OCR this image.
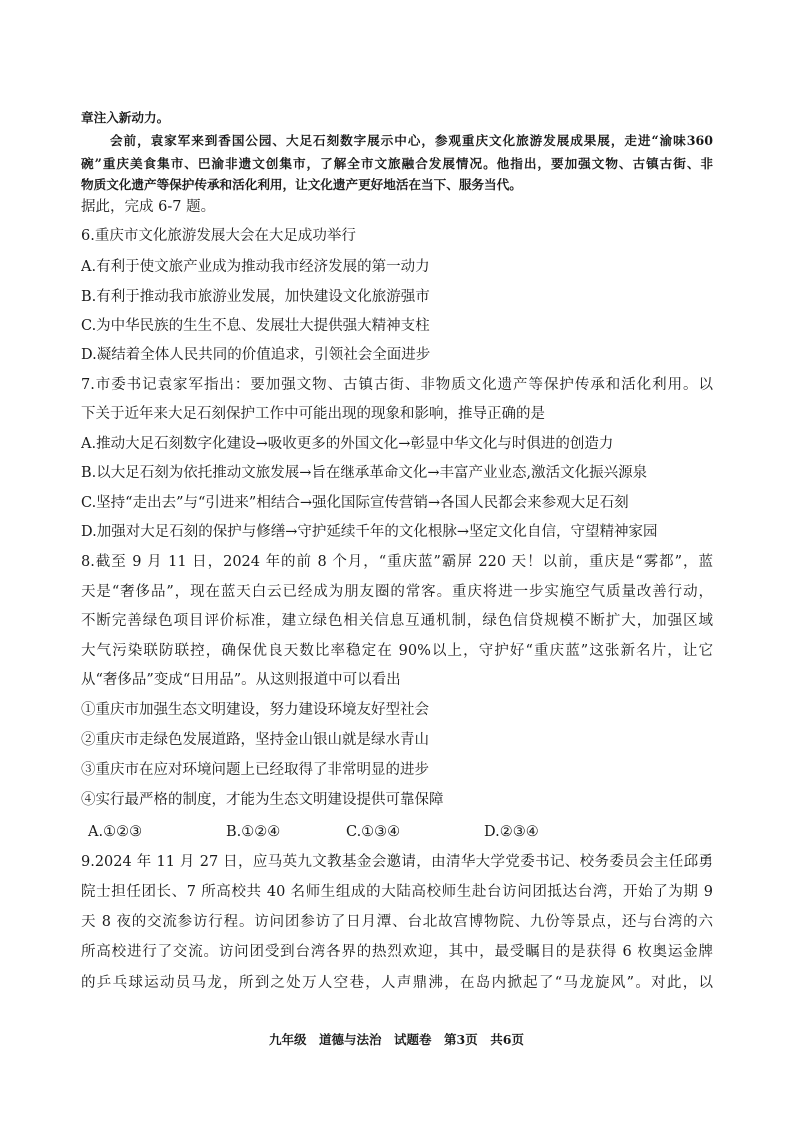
章注入新动力。
会前，袁家军来到香国公园、大足石刻数字展示中心，参观重庆文化旅游发展成果展，走进“渝味360
碗”重庆美食集市、巴渝非遗文创集市，了解全市文旅融合发展情况。他指出，要加强文物、古镇古街、非
物质文化遗产等保护传承和活化利用，让文化遗产更好地活在当下、服务当代。
据此，完成 6-7 题。
6.重庆市文化旅游发展大会在大足成功举行
A.有利于使文旅产业成为推动我市经济发展的第一动力
B.有利于推动我市旅游业发展，加快建设文化旅游强市
C.为中华民族的生生不息、发展壮大提供强大精神支柱
D.凝结着全体人民共同的价值追求，引领社会全面进步
7.市委书记袁家军指出：要加强文物、古镇古街、非物质文化遗产等保护传承和活化利用。以
下关于近年来大足石刻保护工作中可能出现的现象和影响，推导正确的是
A.推动大足石刻数字化建设→吸收更多的外国文化→彰显中华文化与时俱进的创造力
B.以大足石刻为依托推动文旅发展→旨在继承革命文化→丰富产业业态,激活文化振兴源泉
C.坚持“走出去”与“引进来”相结合→强化国际宣传营销→各国人民都会来参观大足石刻
D.加强对大足石刻的保护与修缮→守护延续千年的文化根脉→坚定文化自信，守望精神家园
8.截至 9 月 11 日，2024 年的前 8 个月，“重庆蓝”霸屏 220 天！以前，重庆是“雾都”，蓝
天是“奢侈品”，现在蓝天白云已经成为朋友圈的常客。重庆将进一步实施空气质量改善行动，
不断完善绿色项目评价标准，建立绿色相关信息互通机制，绿色信贷规模不断扩大，加强区域
大气污染联防联控，确保优良天数比率稳定在 90%以上，守护好“重庆蓝”这张新名片，让它
从“奢侈品”变成“日用品”。从这则报道中可以看出
①重庆市加强生态文明建设，努力建设环境友好型社会
②重庆市走绿色发展道路，坚持金山银山就是绿水青山
③重庆市在应对环境问题上已经取得了非常明显的进步
④实行最严格的制度，才能为生态文明建设提供可靠保障
A.①②③	B.①②④	C.①③④	D.②③④
9.2024 年 11 月 27 日，应马英九文教基金会邀请，由清华大学党委书记、校务委员会主任邱勇
院士担任团长、7 所高校共 40 名师生组成的大陆高校师生赴台访问团抵达台湾，开始了为期 9
天 8 夜的交流参访行程。访问团参访了日月潭、台北故宫博物院、九份等景点，还与台湾的六
所高校进行了交流。访问团受到台湾各界的热烈欢迎，其中，最受瞩目的是获得 6 枚奥运金牌
的乒乓球运动员马龙，所到之处万人空巷，人声鼎沸，在岛内掀起了“马龙旋风”。对此，以
九年级　道德与法治　试题卷　第3页　共6页
